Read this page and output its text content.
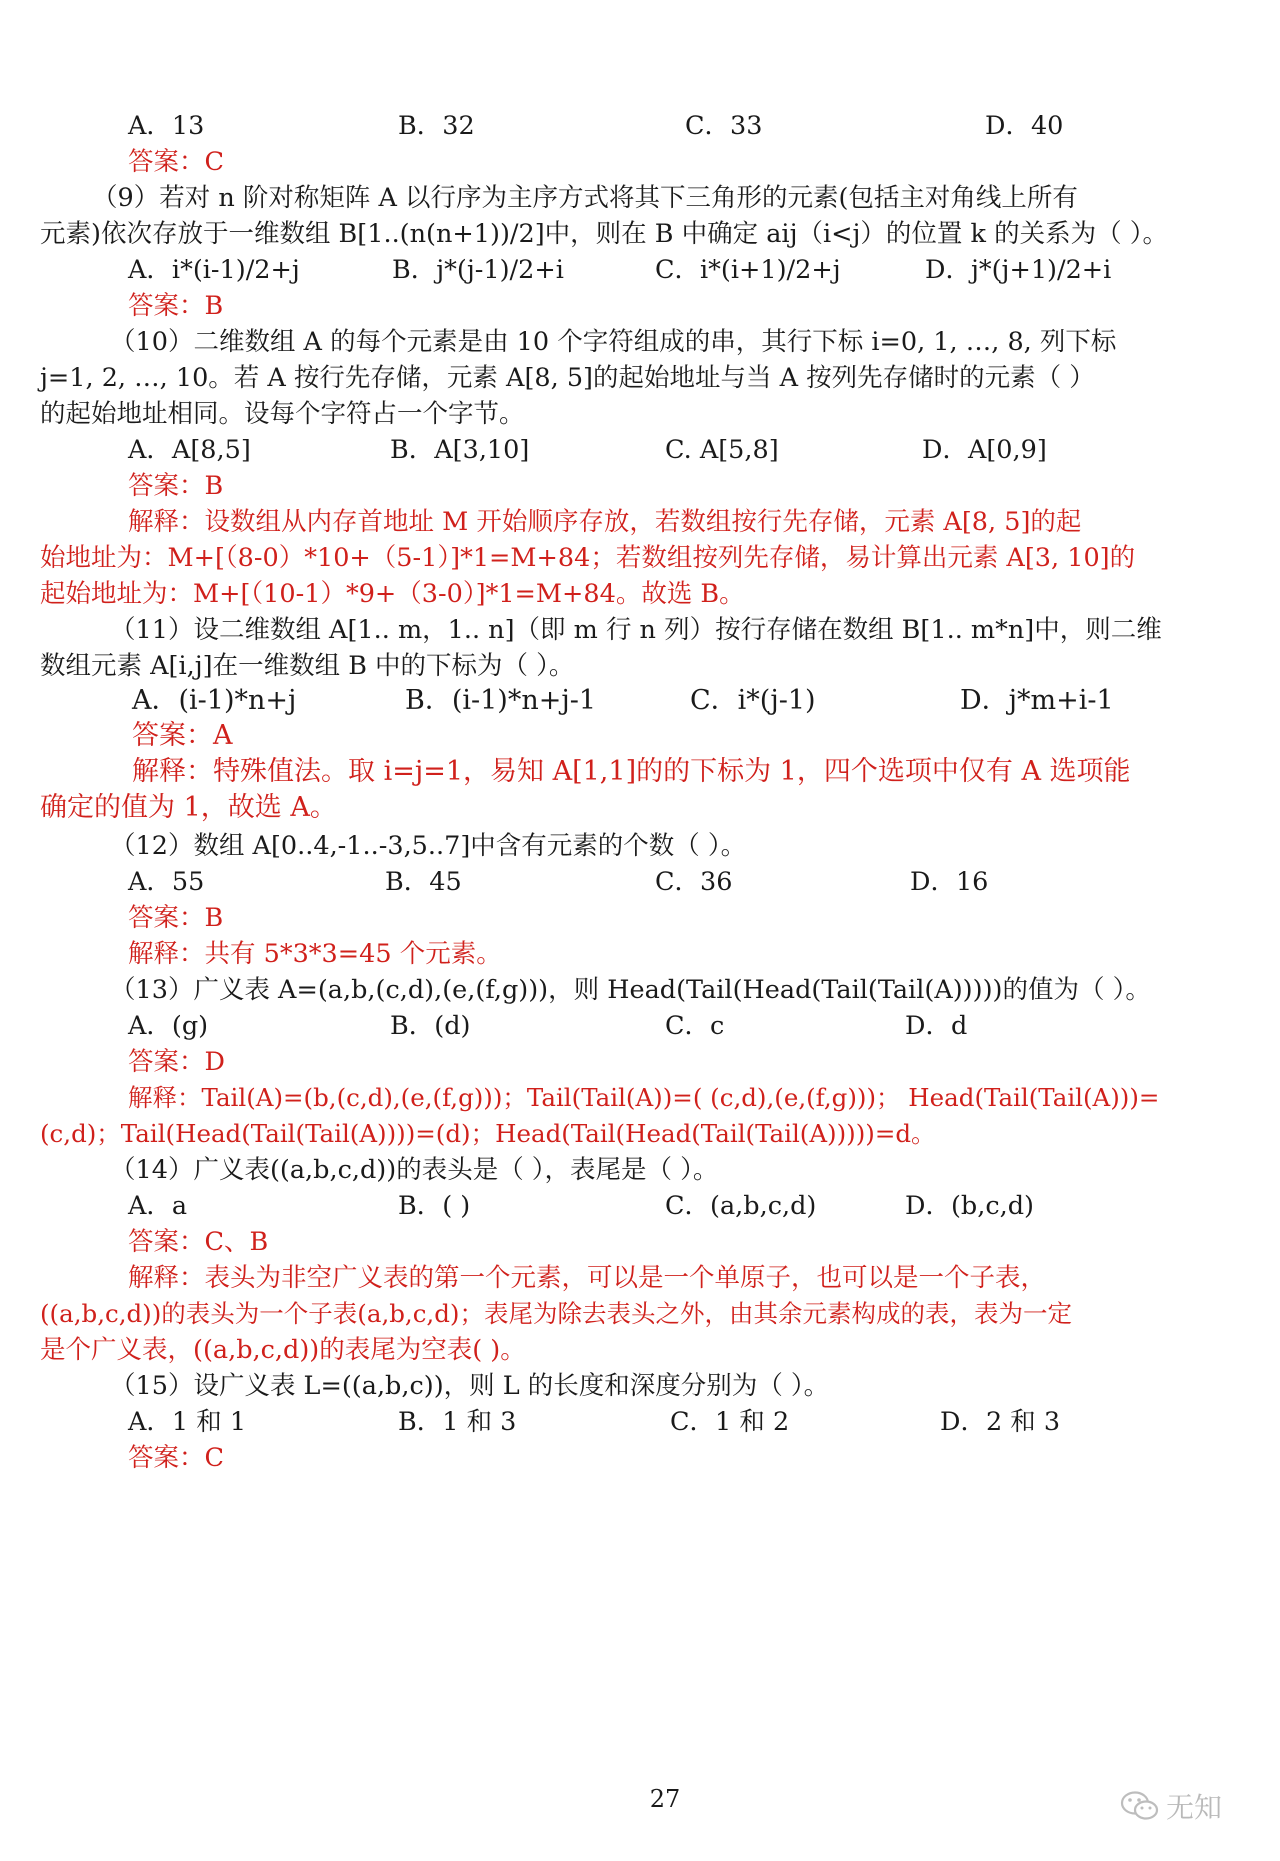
A．13	B．32	C．33	D．40
答案：C
（9）若对 n 阶对称矩阵 A 以行序为主序方式将其下三角形的元素(包括主对角线上所有
元素)依次存放于一维数组 B[1..(n(n+1))/2]中，则在 B 中确定 aij（i<j）的位置 k 的关系为（ ）。
A．i*(i-1)/2+j	B．j*(j-1)/2+i	C．i*(i+1)/2+j	D．j*(j+1)/2+i
答案：B
（10）二维数组 A 的每个元素是由 10 个字符组成的串，其行下标 i=0, 1, …, 8, 列下标
j=1, 2, …, 10。若 A 按行先存储，元素 A[8, 5]的起始地址与当 A 按列先存储时的元素（ ）
的起始地址相同。设每个字符占一个字节。
A．A[8,5]	B．A[3,10]	C. A[5,8]	D．A[0,9]
答案：B
解释：设数组从内存首地址 M 开始顺序存放，若数组按行先存储，元素 A[8, 5]的起
始地址为：M+[（8-0）*10+（5-1）]*1=M+84；若数组按列先存储，易计算出元素 A[3, 10]的
起始地址为：M+[（10-1）*9+（3-0）]*1=M+84。故选 B。
（11）设二维数组 A[1.. m，1.. n]（即 m 行 n 列）按行存储在数组 B[1.. m*n]中，则二维
数组元素 A[i,j]在一维数组 B 中的下标为（ ）。
A．(i-1)*n+j	B．(i-1)*n+j-1	C．i*(j-1)	D．j*m+i-1
答案：A
解释：特殊值法。取 i=j=1，易知 A[1,1]的的下标为 1，四个选项中仅有 A 选项能
确定的值为 1，故选 A。
（12）数组 A[0..4,-1..-3,5..7]中含有元素的个数（ ）。
A．55	B．45	C．36	D．16
答案：B
解释：共有 5*3*3=45 个元素。
（13）广义表 A=(a,b,(c,d),(e,(f,g)))，则 Head(Tail(Head(Tail(Tail(A)))))的值为（ ）。
A．(g)	B．(d)	C．c	D．d
答案：D
解释：Tail(A)=(b,(c,d),(e,(f,g)))；Tail(Tail(A))=( (c,d),(e,(f,g)))； Head(Tail(Tail(A)))=
(c,d)；Tail(Head(Tail(Tail(A))))=(d)；Head(Tail(Head(Tail(Tail(A)))))=d。
（14）广义表((a,b,c,d))的表头是（ ），表尾是（ ）。
A．a	B．( )	C．(a,b,c,d)	D．(b,c,d)
答案：C、B
解释：表头为非空广义表的第一个元素，可以是一个单原子，也可以是一个子表，
((a,b,c,d))的表头为一个子表(a,b,c,d)；表尾为除去表头之外，由其余元素构成的表，表为一定
是个广义表，((a,b,c,d))的表尾为空表( )。
（15）设广义表 L=((a,b,c))，则 L 的长度和深度分别为（ ）。
A．1 和 1	B．1 和 3	C．1 和 2	D．2 和 3
答案：C
27	无知
